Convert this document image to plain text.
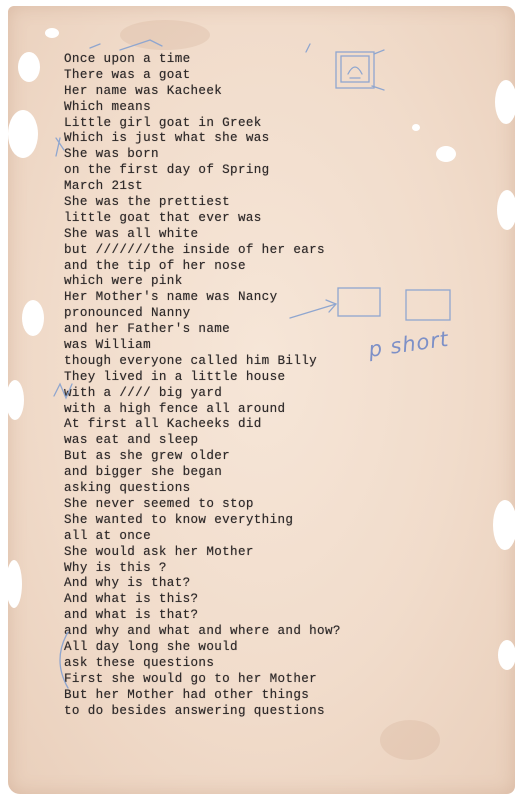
Once upon a time
There was a goat
Her name was Kacheek
Which means
Little girl goat in Greek
Which is just what she was
She was born
on the first day of Spring
March 21st
She was the prettiest
little goat that ever was
She was all white
but ///////the inside of her ears
and the tip of her nose
which were pink
Her Mother's name was Nancy
pronounced Nanny
and her Father's name
was William
though everyone called him Billy
They lived in a little house
with a //// big yard
with a high fence all around
At first all Kacheeks did
was eat and sleep
But as she grew older
and bigger she began
asking questions
She never seemed to stop
She wanted to know everything
all at once
She would ask her Mother
Why is this ?
And why is that?
And what is this?
and what is that?
and why and what and where and how?
All day long she would
ask these questions
First she would go to her Mother
But her Mother had other things
to do besides answering questions
p short
